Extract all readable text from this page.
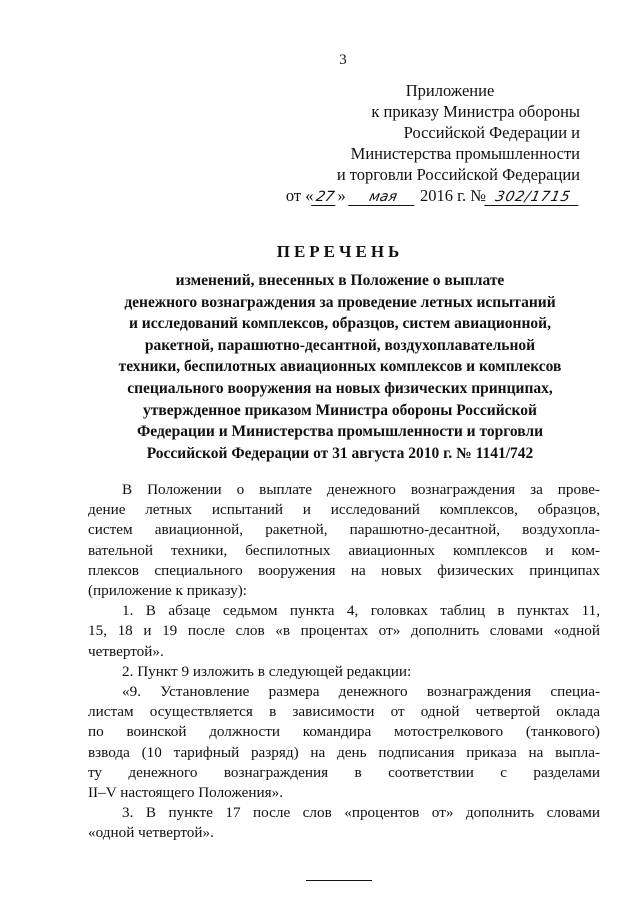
3
Приложение
к приказу Министра обороны
Российской Федерации и
Министерства промышленности
и торговли Российской Федерации
от «27» мая 2016 г. № 302/1715
ПЕРЕЧЕНЬ
изменений, внесенных в Положение о выплате
денежного вознаграждения за проведение летных испытаний
и исследований комплексов, образцов, систем авиационной,
ракетной, парашютно-десантной, воздухоплавательной
техники, беспилотных авиационных комплексов и комплексов
специального вооружения на новых физических принципах,
утвержденное приказом Министра обороны Российской
Федерации и Министерства промышленности и торговли
Российской Федерации от 31 августа 2010 г. № 1141/742

В Положении о выплате денежного вознаграждения за прове-
дение летных испытаний и исследований комплексов, образцов,
систем авиационной, ракетной, парашютно-десантной, воздухопла-
вательной техники, беспилотных авиационных комплексов и ком-
плексов специального вооружения на новых физических принципах
(приложение к приказу):

1. В абзаце седьмом пункта 4, головках таблиц в пунктах 11,
15, 18 и 19 после слов «в процентах от» дополнить словами «одной
четвертой».

2. Пункт 9 изложить в следующей редакции:

«9. Установление размера денежного вознаграждения специа-
листам осуществляется в зависимости от одной четвертой оклада
по воинской должности командира мотострелкового (танкового)
взвода (10 тарифный разряд) на день подписания приказа на выпла-
ту денежного вознаграждения в соответствии с разделами
II–V настоящего Положения».

3. В пункте 17 после слов «процентов от» дополнить словами
«одной четвертой».
